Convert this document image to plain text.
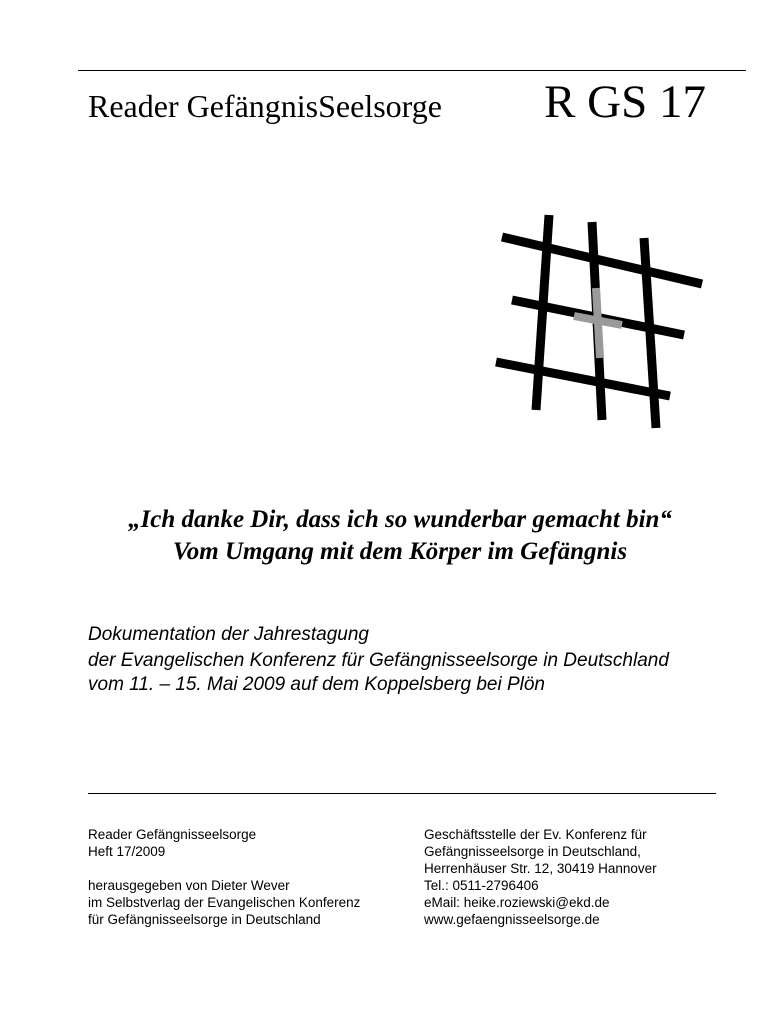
Reader GefängnisSeelsorge R GS 17
„Ich danke Dir, dass ich so wunderbar gemacht bin“
Vom Umgang mit dem Körper im Gefängnis
Dokumentation der Jahrestagung
der Evangelischen Konferenz für Gefängnisseelsorge in Deutschland
vom 11. – 15. Mai 2009 auf dem Koppelsberg bei Plön
Reader Gefängnisseelsorge
Heft 17/2009
herausgegeben von Dieter Wever
im Selbstverlag der Evangelischen Konferenz
für Gefängnisseelsorge in Deutschland
Geschäftsstelle der Ev. Konferenz für
Gefängnisseelsorge in Deutschland,
Herrenhäuser Str. 12, 30419 Hannover
Tel.: 0511-2796406
eMail: heike.roziewski@ekd.de
www.gefaengnisseelsorge.de
